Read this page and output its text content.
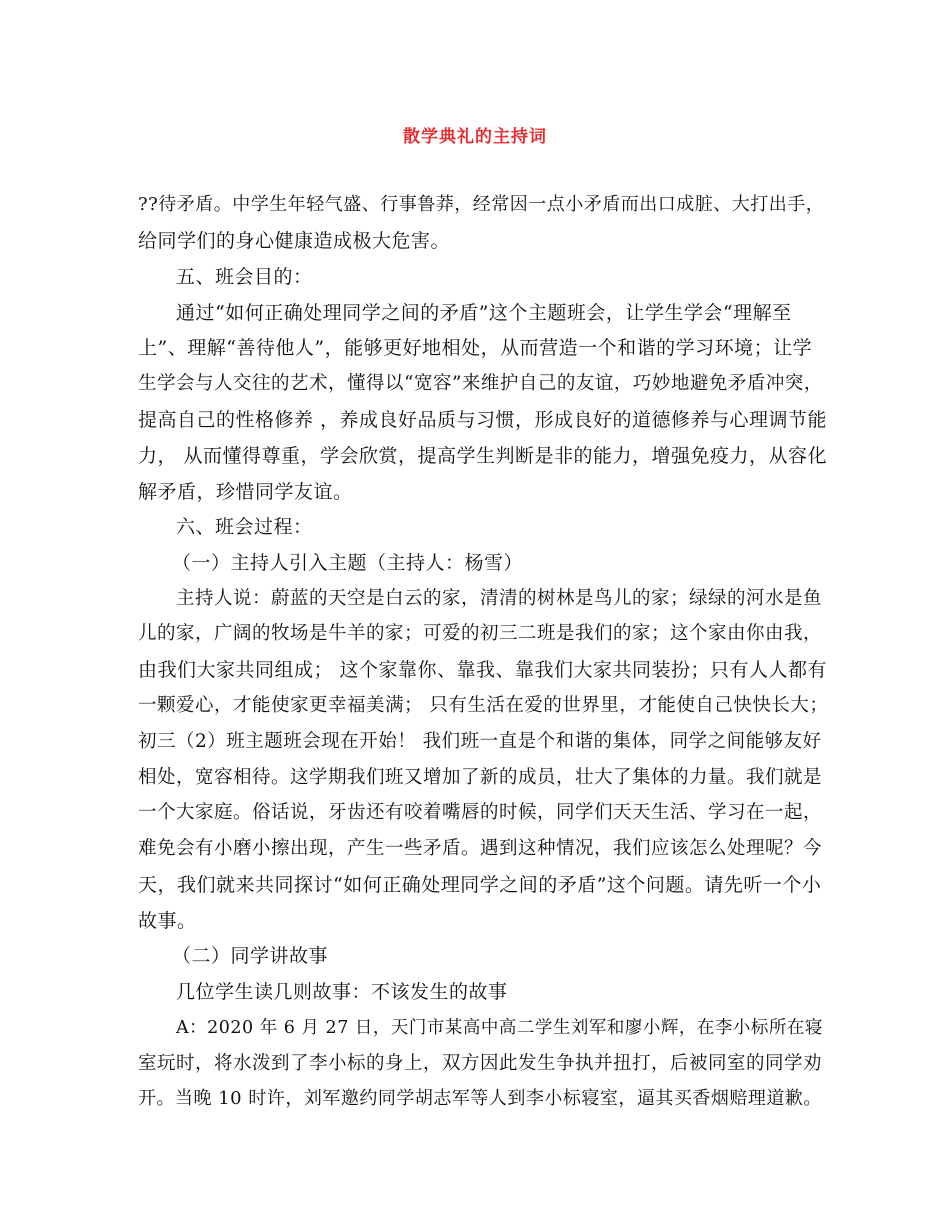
散学典礼的主持词
??待矛盾。中学生年轻气盛、行事鲁莽，经常因一点小矛盾而出口成脏、大打出手，
给同学们的身心健康造成极大危害。
五、班会目的：
通过“如何正确处理同学之间的矛盾”这个主题班会，让学生学会“理解至
上”、理解“善待他人”，能够更好地相处，从而营造一个和谐的学习环境；让学
生学会与人交往的艺术，懂得以“宽容”来维护自己的友谊，巧妙地避免矛盾冲突，
提高自己的性格修养 ，养成良好品质与习惯，形成良好的道德修养与心理调节能
力， 从而懂得尊重，学会欣赏，提高学生判断是非的能力，增强免疫力，从容化
解矛盾，珍惜同学友谊。
六、班会过程：
（一）主持人引入主题（主持人：杨雪）
主持人说：蔚蓝的天空是白云的家，清清的树林是鸟儿的家；绿绿的河水是鱼
儿的家，广阔的牧场是牛羊的家；可爱的初三二班是我们的家；这个家由你由我，
由我们大家共同组成； 这个家靠你、靠我、靠我们大家共同装扮；只有人人都有
一颗爱心，才能使家更幸福美满； 只有生活在爱的世界里，才能使自己快快长大；
初三（2）班主题班会现在开始！ 我们班一直是个和谐的集体，同学之间能够友好
相处，宽容相待。这学期我们班又增加了新的成员，壮大了集体的力量。我们就是
一个大家庭。俗话说，牙齿还有咬着嘴唇的时候，同学们天天生活、学习在一起，
难免会有小磨小擦出现，产生一些矛盾。遇到这种情况，我们应该怎么处理呢？今
天，我们就来共同探讨“如何正确处理同学之间的矛盾”这个问题。请先听一个小
故事。
（二）同学讲故事
几位学生读几则故事：不该发生的故事
A：2020 年 6 月 27 日，天门市某高中高二学生刘军和廖小辉，在李小标所在寝
室玩时，将水泼到了李小标的身上，双方因此发生争执并扭打，后被同室的同学劝
开。当晚 10 时许，刘军邀约同学胡志军等人到李小标寝室，逼其买香烟赔理道歉。
